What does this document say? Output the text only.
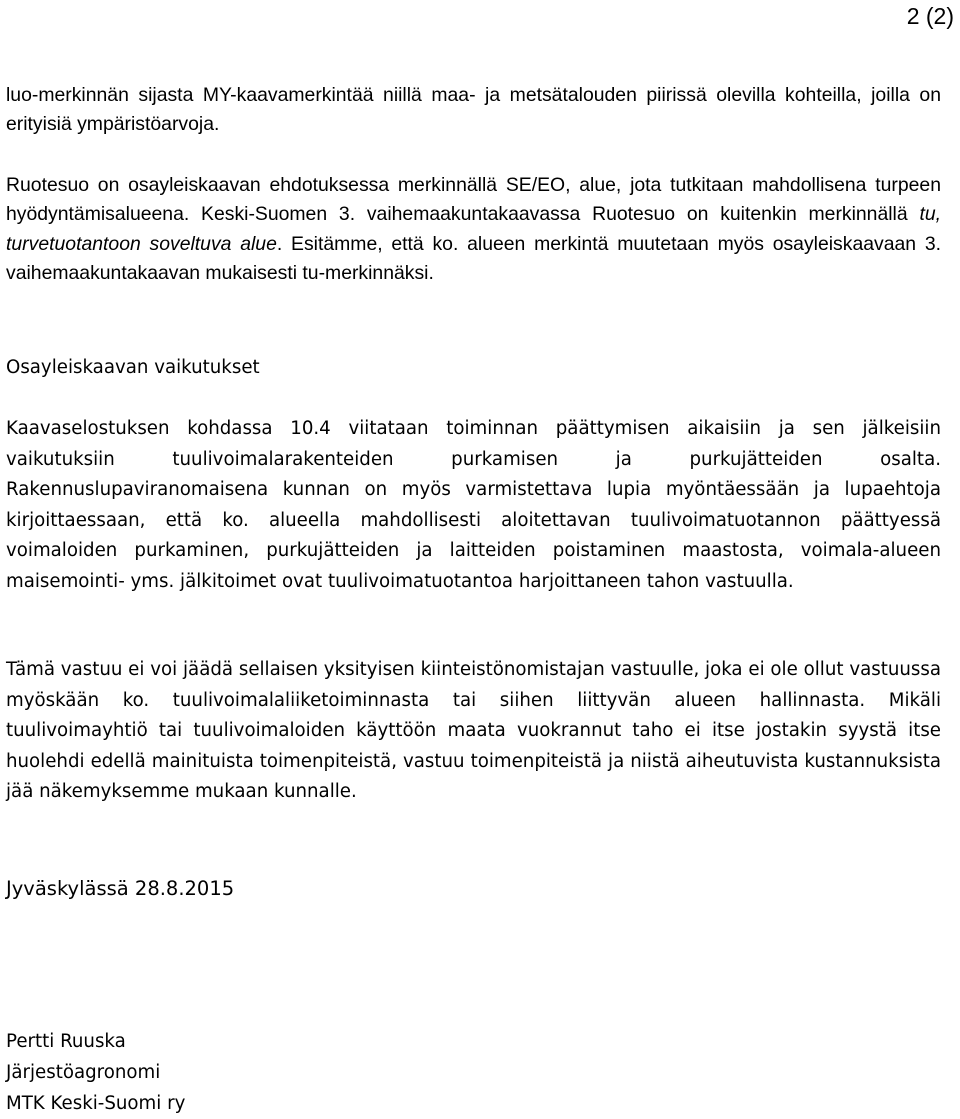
2 (2)

luo-merkinnän sijasta MY-kaavamerkintää niillä maa- ja metsätalouden piirissä olevilla kohteilla, joilla on erityisiä ympäristöarvoja.

Ruotesuo on osayleiskaavan ehdotuksessa merkinnällä SE/EO, alue, jota tutkitaan mahdollisena turpeen hyödyntämisalueena. Keski-Suomen 3. vaihemaakuntakaavassa Ruotesuo on kuitenkin merkinnällä tu, turvetuotantoon soveltuva alue. Esitämme, että ko. alueen merkintä muutetaan myös osayleiskaavaan 3. vaihemaakuntakaavan mukaisesti tu-merkinnäksi.

Osayleiskaavan vaikutukset

Kaavaselostuksen kohdassa 10.4 viitataan toiminnan päättymisen aikaisiin ja sen jälkeisiin vaikutuksiin tuulivoimalarakenteiden purkamisen ja purkujätteiden osalta. Rakennuslupaviranomaisena kunnan on myös varmistettava lupia myöntäessään ja lupaehtoja kirjoittaessaan, että ko. alueella mahdollisesti aloitettavan tuulivoimatuotannon päättyessä voimaloiden purkaminen, purkujätteiden ja laitteiden poistaminen maastosta, voimala-alueen maisemointi- yms. jälkitoimet ovat tuulivoimatuotantoa harjoittaneen tahon vastuulla.

Tämä vastuu ei voi jäädä sellaisen yksityisen kiinteistönomistajan vastuulle, joka ei ole ollut vastuussa myöskään ko. tuulivoimalaliiketoiminnasta tai siihen liittyvän alueen hallinnasta. Mikäli tuulivoimayhtiö tai tuulivoimaloiden käyttöön maata vuokrannut taho ei itse jostakin syystä itse huolehdi edellä mainituista toimenpiteistä, vastuu toimenpiteistä ja niistä aiheutuvista kustannuksista jää näkemyksemme mukaan kunnalle.

Jyväskylässä 28.8.2015
Pertti Ruuska
Järjestöagronomi
MTK Keski-Suomi ry
